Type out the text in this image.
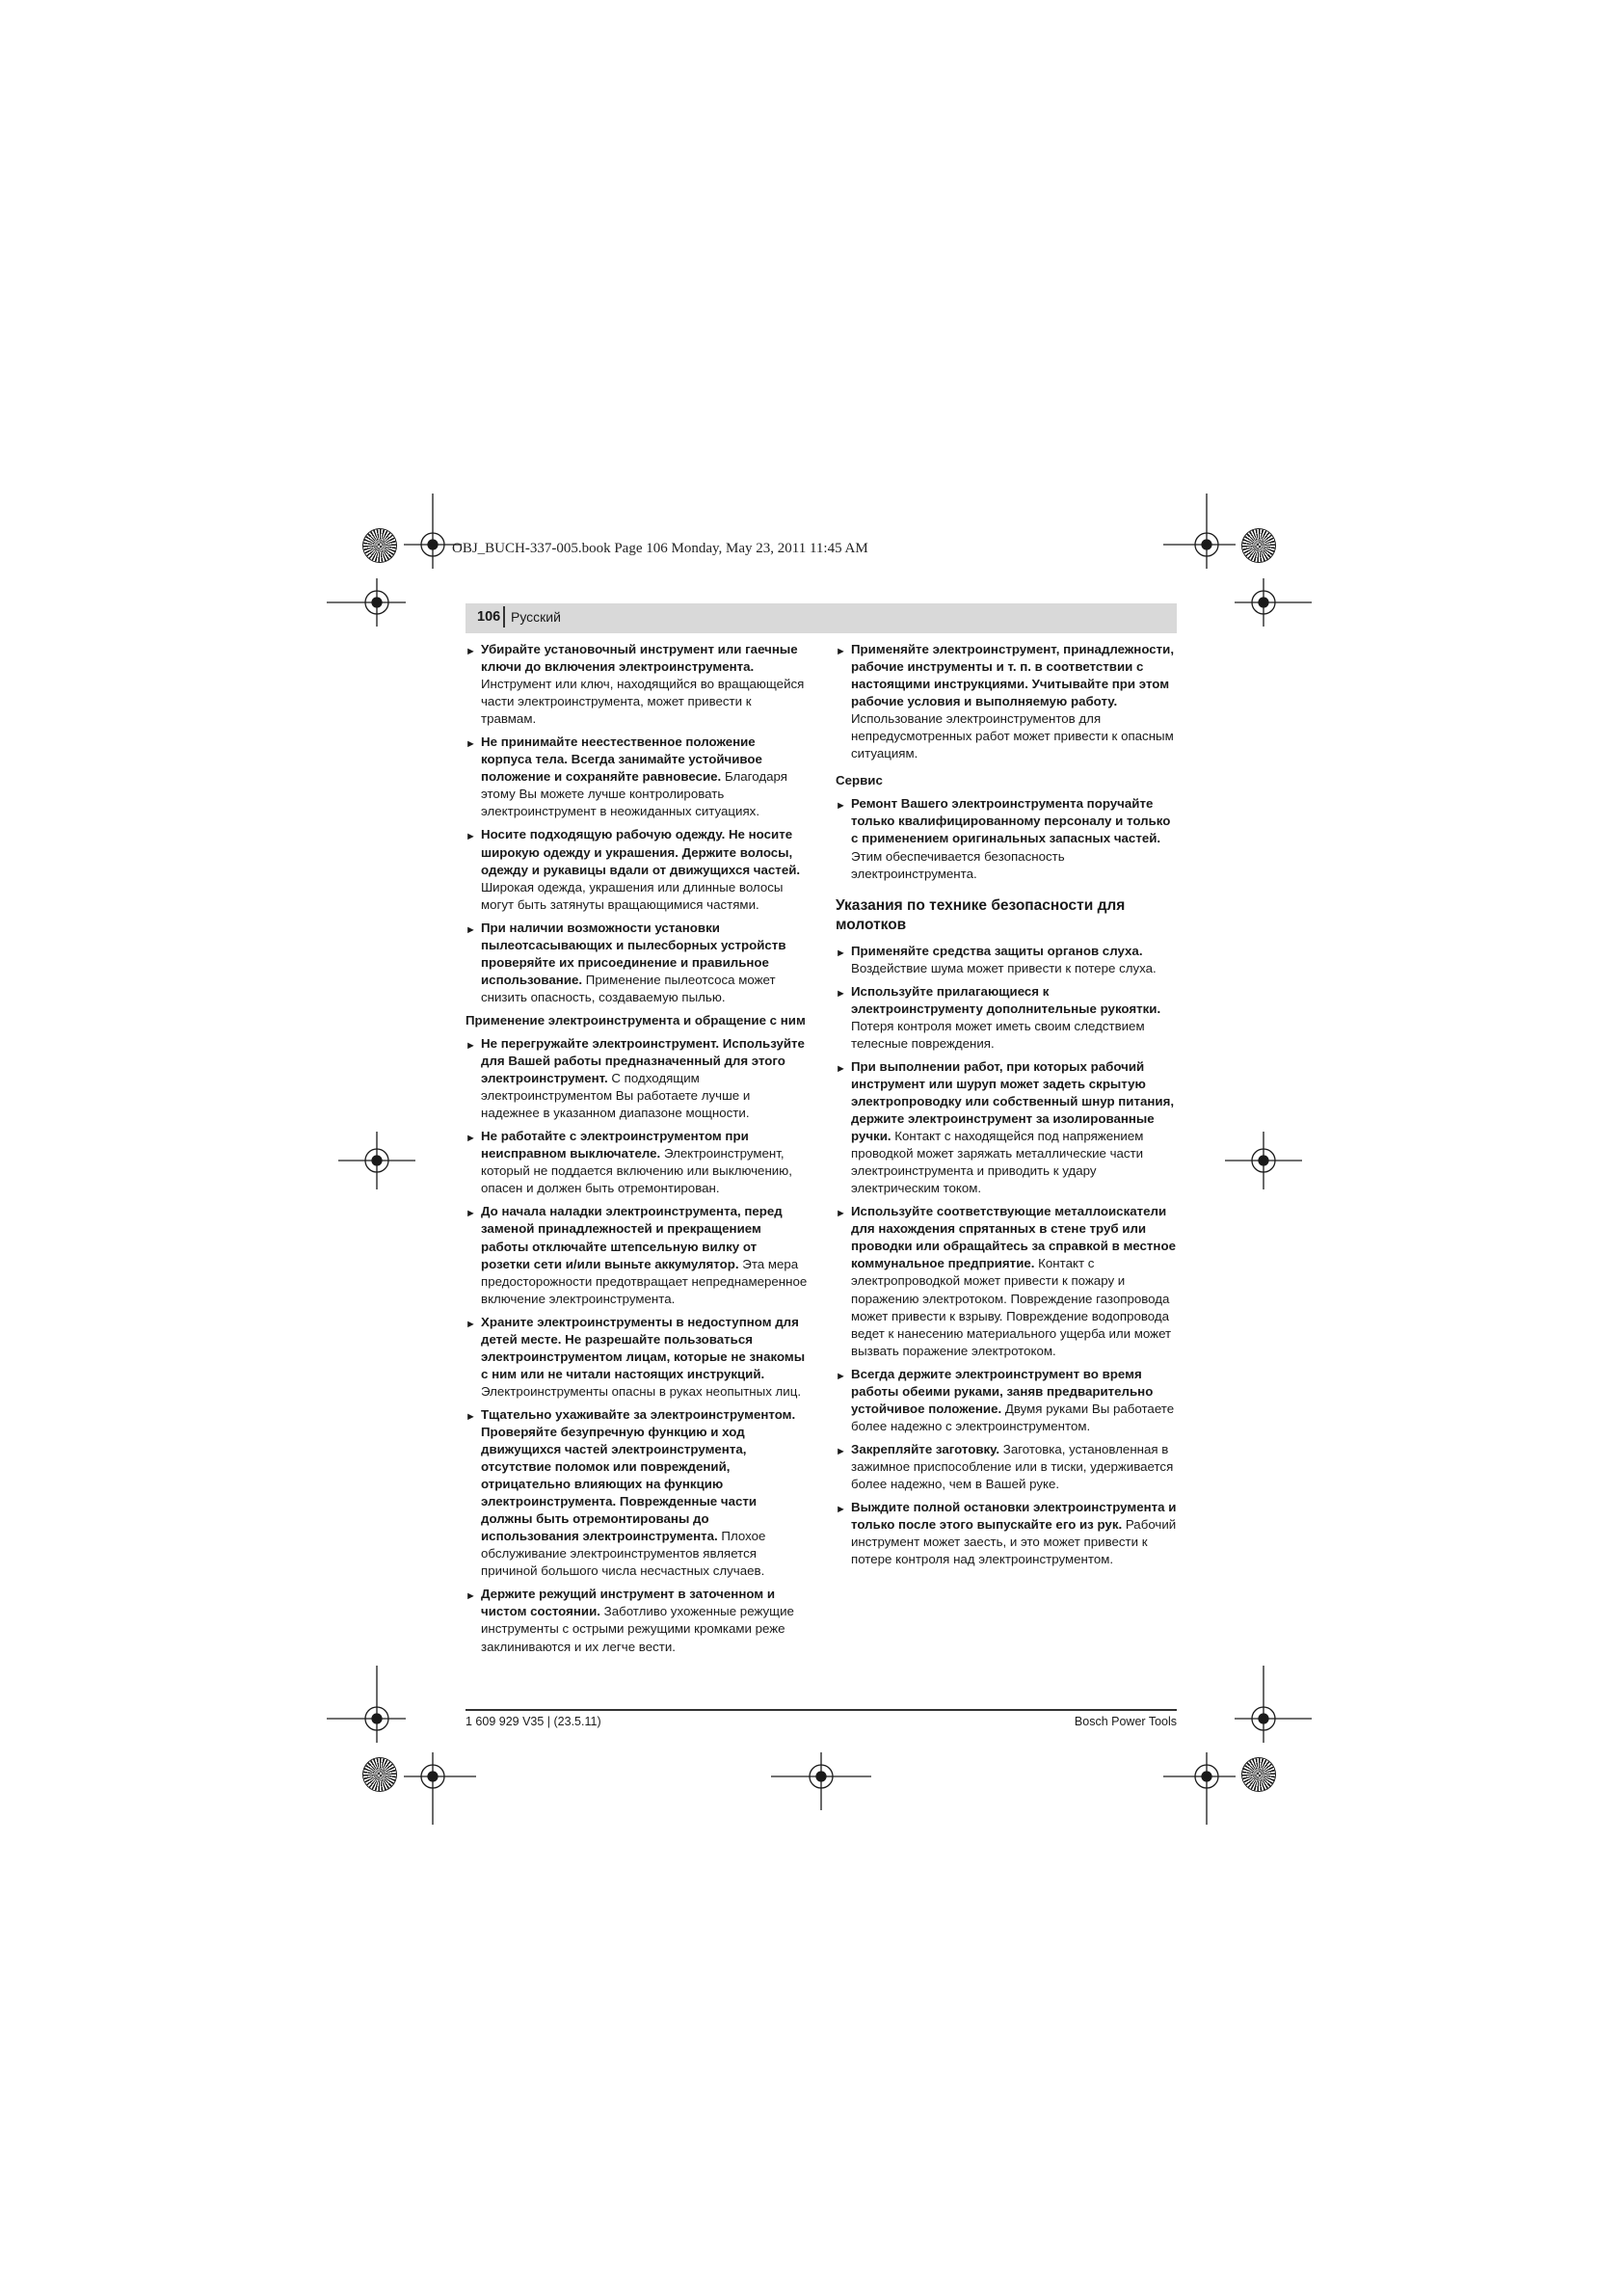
OBJ_BUCH-337-005.book Page 106 Monday, May 23, 2011 11:45 AM
106 Русский
► Убирайте установочный инструмент или гаечные ключи до включения электроинструмента. Инструмент или ключ, находящийся во вращающейся части электроинструмента, может привести к травмам.
► Не принимайте неестественное положение корпуса тела. Всегда занимайте устойчивое положение и сохраняйте равновесие. Благодаря этому Вы можете лучше контролировать электроинструмент в неожиданных ситуациях.
► Носите подходящую рабочую одежду. Не носите широкую одежду и украшения. Держите волосы, одежду и рукавицы вдали от движущихся частей. Широкая одежда, украшения или длинные волосы могут быть затянуты вращающимися частями.
► При наличии возможности установки пылеотсасывающих и пылесборных устройств проверяйте их присоединение и правильное использование. Применение пылеотсоса может снизить опасность, создаваемую пылью.
Применение электроинструмента и обращение с ним
► Не перегружайте электроинструмент. Используйте для Вашей работы предназначенный для этого электроинструмент. С подходящим электроинструментом Вы работаете лучше и надежнее в указанном диапазоне мощности.
► Не работайте с электроинструментом при неисправном выключателе. Электроинструмент, который не поддается включению или выключению, опасен и должен быть отремонтирован.
► До начала наладки электроинструмента, перед заменой принадлежностей и прекращением работы отключайте штепсельную вилку от розетки сети и/или выньте аккумулятор. Эта мера предосторожности предотвращает непреднамеренное включение электроинструмента.
► Храните электроинструменты в недоступном для детей месте. Не разрешайте пользоваться электроинструментом лицам, которые не знакомы с ним или не читали настоящих инструкций. Электроинструменты опасны в руках неопытных лиц.
► Тщательно ухаживайте за электроинструментом. Проверяйте безупречную функцию и ход движущихся частей электроинструмента, отсутствие поломок или повреждений, отрицательно влияющих на функцию электроинструмента. Поврежденные части должны быть отремонтированы до использования электроинструмента. Плохое обслуживание электроинструментов является причиной большого числа несчастных случаев.
► Держите режущий инструмент в заточенном и чистом состоянии. Заботливо ухоженные режущие инструменты с острыми режущими кромками реже заклиниваются и их легче вести.
► Применяйте электроинструмент, принадлежности, рабочие инструменты и т. п. в соответствии с настоящими инструкциями. Учитывайте при этом рабочие условия и выполняемую работу. Использование электроинструментов для непредусмотренных работ может привести к опасным ситуациям.
Сервис
► Ремонт Вашего электроинструмента поручайте только квалифицированному персоналу и только с применением оригинальных запасных частей. Этим обеспечивается безопасность электроинструмента.
Указания по технике безопасности для молотков
► Применяйте средства защиты органов слуха. Воздействие шума может привести к потере слуха.
► Используйте прилагающиеся к электроинструменту дополнительные рукоятки. Потеря контроля может иметь своим следствием телесные повреждения.
► При выполнении работ, при которых рабочий инструмент или шуруп может задеть скрытую электропроводку или собственный шнур питания, держите электроинструмент за изолированные ручки. Контакт с находящейся под напряжением проводкой может заряжать металлические части электроинструмента и приводить к удару электрическим током.
► Используйте соответствующие металлоискатели для нахождения спрятанных в стене труб или проводки или обращайтесь за справкой в местное коммунальное предприятие. Контакт с электропроводкой может привести к пожару и поражению электротоком. Повреждение газопровода может привести к взрыву. Повреждение водопровода ведет к нанесению материального ущерба или может вызвать поражение электротоком.
► Всегда держите электроинструмент во время работы обеими руками, заняв предварительно устойчивое положение. Двумя руками Вы работаете более надежно с электроинструментом.
► Закрепляйте заготовку. Заготовка, установленная в зажимное приспособление или в тиски, удерживается более надежно, чем в Вашей руке.
► Выждите полной остановки электроинструмента и только после этого выпускайте его из рук. Рабочий инструмент может заесть, и это может привести к потере контроля над электроинструментом.
1 609 929 V35 | (23.5.11)	Bosch Power Tools
